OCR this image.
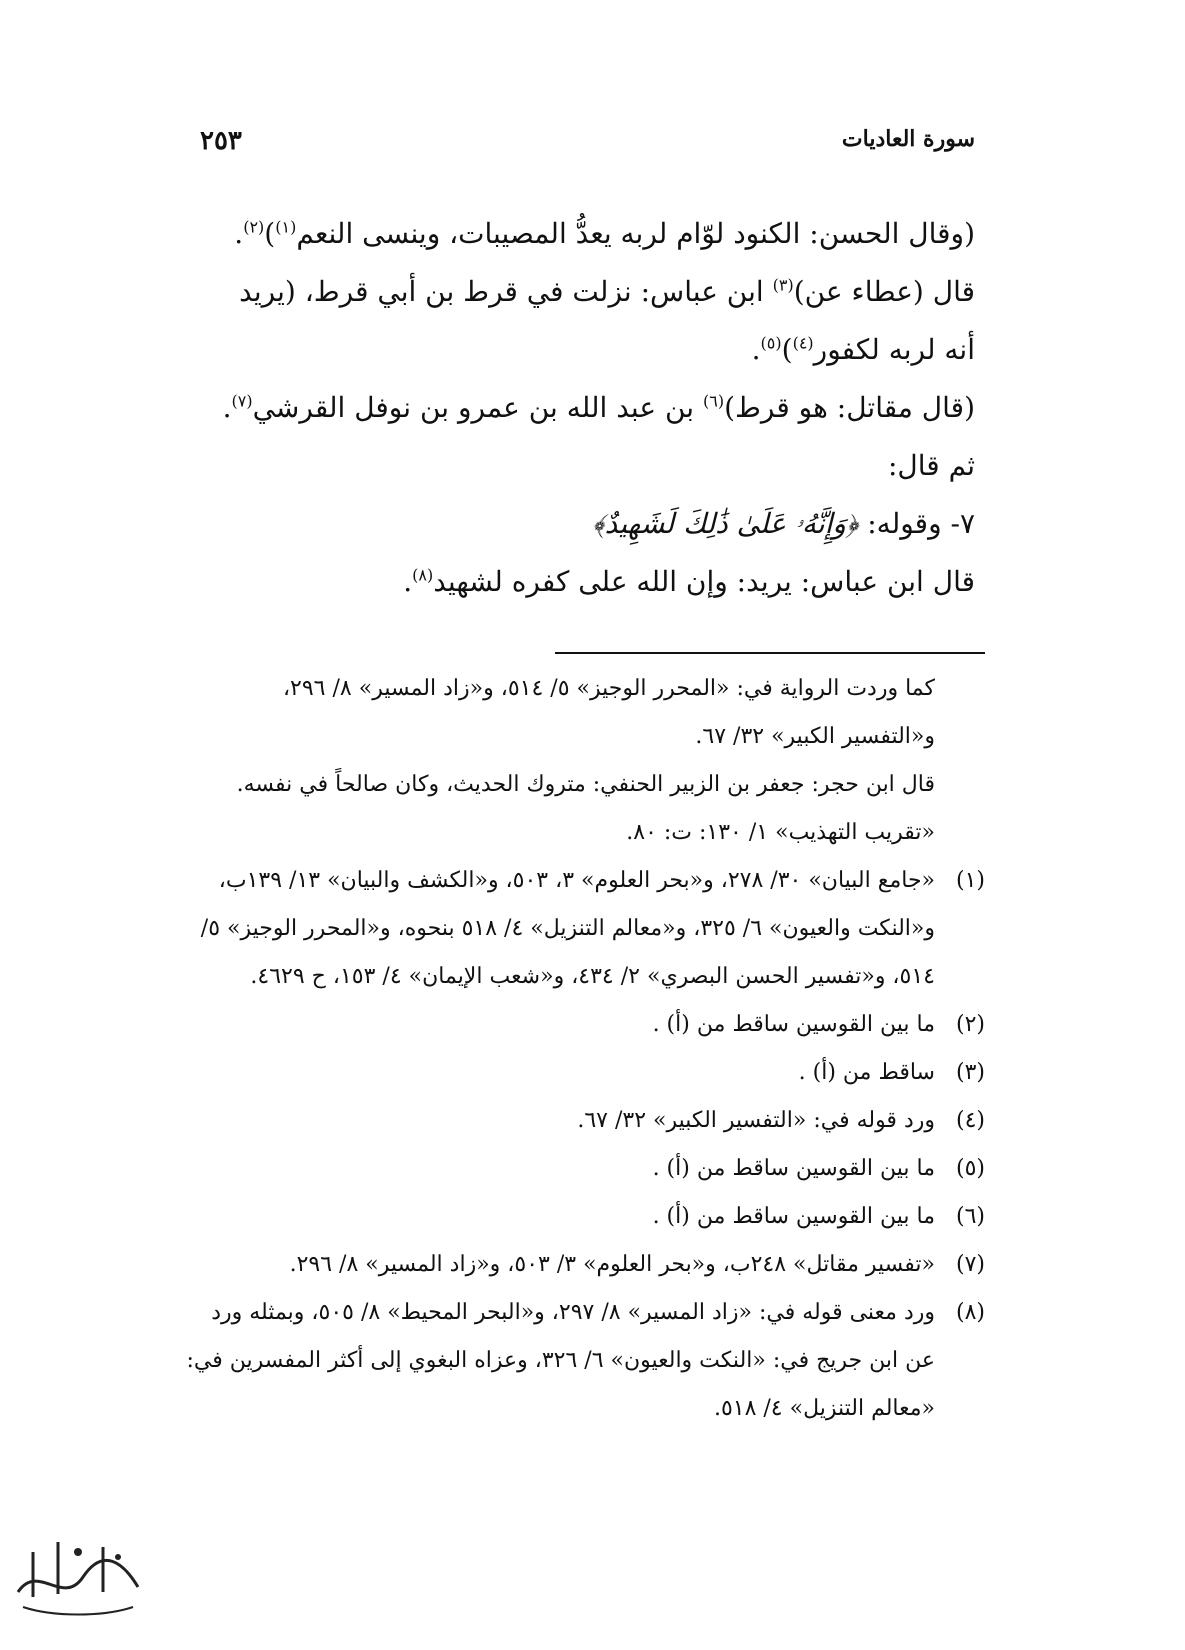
سورة العاديات
٢٥٣

(وقال الحسن: الكنود لوّام لربه يعدُّ المصيبات، وينسى النعم$^{(١)}$)$^{(٢)}$.

قال (عطاء عن)$^{(٣)}$ ابن عباس: نزلت في قرط بن أبي قرط، (يريد أنه لربه لكفور$^{(٤)}$)$^{(٥)}$.

(قال مقاتل: هو قرط)$^{(٦)}$ بن عبد الله بن عمرو بن نوفل القرشي$^{(٧)}$.

ثم قال:

٧- وقوله: ﴿وَإِنَّهُۥ عَلَىٰ ذَٰلِكَ لَشَهِيدٌ﴾

قال ابن عباس: يريد: وإن الله على كفره لشهيد$^{(٨)}$.

كما وردت الرواية في: «المحرر الوجيز» ٥/ ٥١٤، و«زاد المسير» ٨/ ٢٩٦، و«التفسير الكبير» ٣٢/ ٦٧.

قال ابن حجر: جعفر بن الزبير الحنفي: متروك الحديث، وكان صالحاً في نفسه. «تقريب التهذيب» ١/ ١٣٠: ت: ٨٠.

(١)
«جامع البيان» ٣٠/ ٢٧٨، و«بحر العلوم» ٣، ٥٠٣، و«الكشف والبيان» ١٣/ ١٣٩ب، و«النكت والعيون» ٦/ ٣٢٥، و«معالم التنزيل» ٤/ ٥١٨ بنحوه، و«المحرر الوجيز» ٥/ ٥١٤، و«تفسير الحسن البصري» ٢/ ٤٣٤، و«شعب الإيمان» ٤/ ١٥٣، ح ٤٦٢٩.
(٢)
ما بين القوسين ساقط من (أ) .
(٣)
ساقط من (أ) .
(٤)
ورد قوله في: «التفسير الكبير» ٣٢/ ٦٧.
(٥)
ما بين القوسين ساقط من (أ) .
(٦)
ما بين القوسين ساقط من (أ) .
(٧)
«تفسير مقاتل» ٢٤٨ب، و«بحر العلوم» ٣/ ٥٠٣، و«زاد المسير» ٨/ ٢٩٦.
(٨)
ورد معنى قوله في: «زاد المسير» ٨/ ٢٩٧، و«البحر المحيط» ٨/ ٥٠٥، وبمثله ورد عن ابن جريج في: «النكت والعيون» ٦/ ٣٢٦، وعزاه البغوي إلى أكثر المفسرين في: «معالم التنزيل» ٤/ ٥١٨.
